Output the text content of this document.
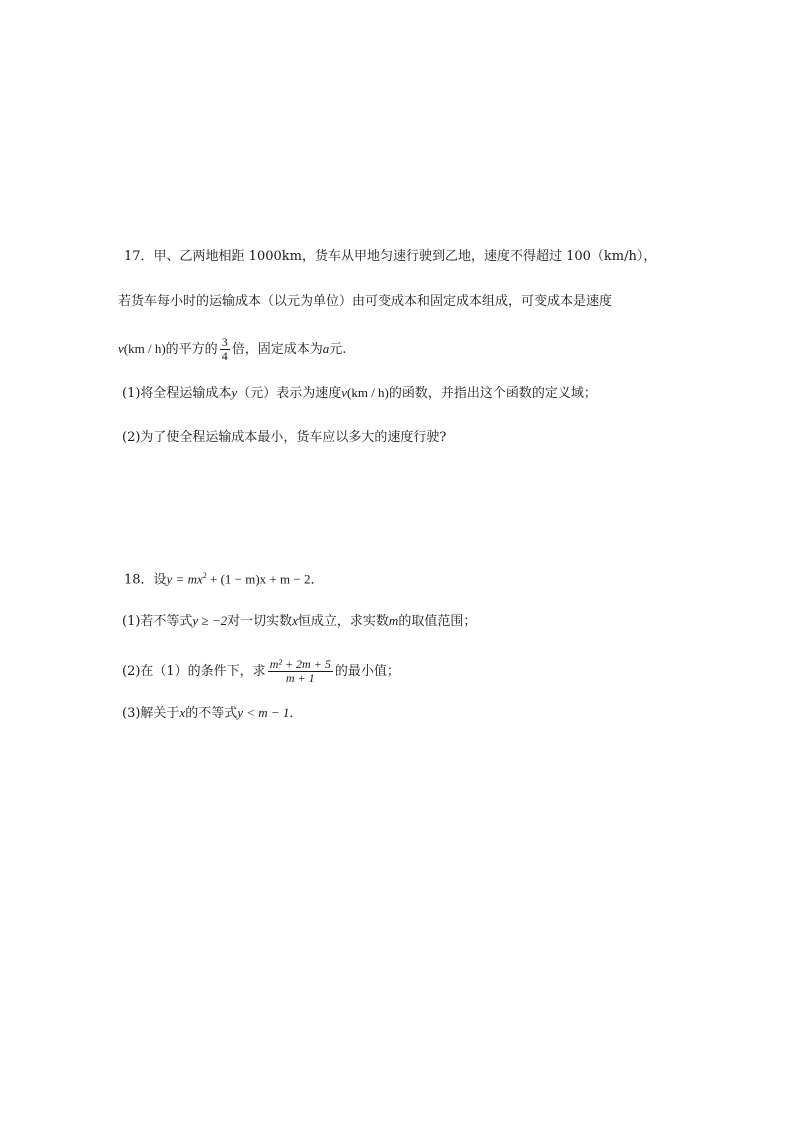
17．甲、乙两地相距 1000km，货车从甲地匀速行驶到乙地，速度不得超过 100（km/h），
若货车每小时的运输成本（以元为单位）由可变成本和固定成本组成，可变成本是速度
v(km / h)的平方的 $\frac{3}{4}$ 倍，固定成本为a元.
(1)将全程运输成本y（元）表示为速度v(km / h)的函数，并指出这个函数的定义域；
(2)为了使全程运输成本最小，货车应以多大的速度行驶?
18．设$y = mx^2 + (1 - m)x + m - 2$．
(1)若不等式y ≥ −2对一切实数x恒成立，求实数m的取值范围；
(2)在（1）的条件下，求 $\frac{\text{m² + 2m + 5}}{m + 1}$ 的最小值；
(3)解关于x的不等式y < m − 1．
